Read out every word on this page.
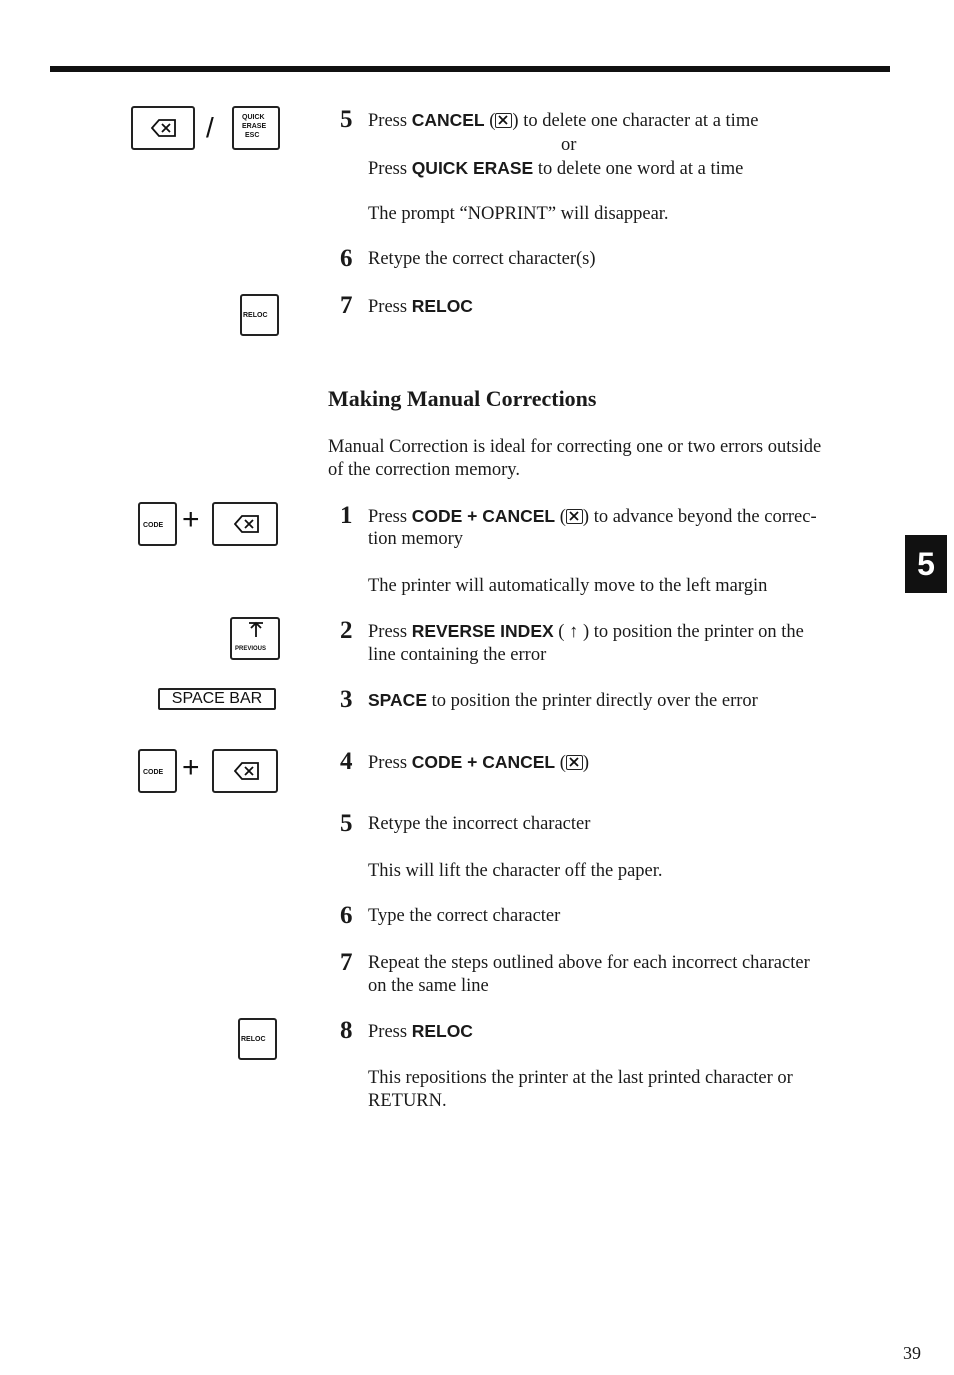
/	QUICK
ERASE
ESC
RELOC
CODE +
PREVIOUS
SPACE BAR
CODE +
RELOC
5 Press CANCEL ( ) to delete one character at a time
or
Press QUICK ERASE to delete one word at a time
The prompt “NOPRINT” will disappear.
6 Retype the correct character(s)
7 Press RELOC
Making Manual Corrections
Manual Correction is ideal for correcting one or two errors outside
of the correction memory.
1 Press CODE + CANCEL ( ) to advance beyond the correc-
tion memory
The printer will automatically move to the left margin
2 Press REVERSE INDEX ( ↑ ) to position the printer on the
line containing the error
3 SPACE to position the printer directly over the error
4 Press CODE + CANCEL ( )
5 Retype the incorrect character
This will lift the character off the paper.
6 Type the correct character
7 Repeat the steps outlined above for each incorrect character
on the same line
8 Press RELOC
This repositions the printer at the last printed character or
RETURN.
5
39
